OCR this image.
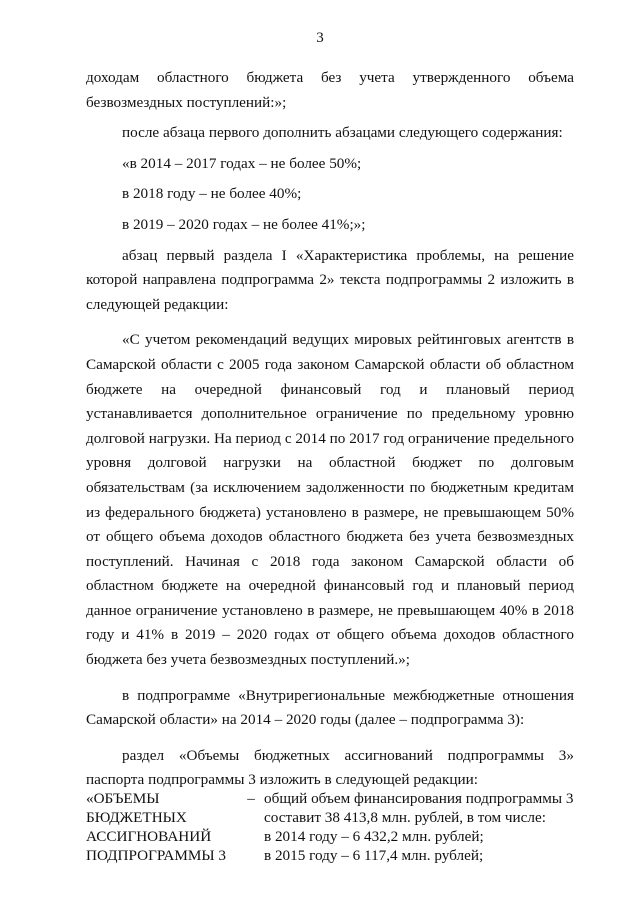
3

доходам областного бюджета без учета утвержденного объема безвозмездных поступлений:»;

после абзаца первого дополнить абзацами следующего содержания:

«в 2014 – 2017 годах – не более 50%;

в 2018 году – не более 40%;

в 2019 – 2020 годах – не более 41%;»;

абзац первый раздела I «Характеристика проблемы, на решение которой направлена подпрограмма 2» текста подпрограммы 2 изложить в следующей редакции:

«С учетом рекомендаций ведущих мировых рейтинговых агентств в Самарской области с 2005 года законом Самарской области об областном бюджете на очередной финансовый год и плановый период устанавливается дополнительное ограничение по предельному уровню долговой нагрузки. На период с 2014 по 2017 год ограничение предельного уровня долговой нагрузки на областной бюджет по долговым обязательствам (за исключением задолженности по бюджетным кредитам из федерального бюджета) установлено в размере, не превышающем 50% от общего объема доходов областного бюджета без учета безвозмездных поступлений. Начиная с 2018 года законом Самарской области об областном бюджете на очередной финансовый год и плановый период данное ограничение установлено в размере, не превышающем 40% в 2018 году и 41% в 2019 – 2020 годах от общего объема доходов областного бюджета без учета безвозмездных поступлений.»;

в подпрограмме «Внутрирегиональные межбюджетные отношения Самарской области» на 2014 – 2020 годы (далее – подпрограмма 3):

раздел «Объемы бюджетных ассигнований подпрограммы 3» паспорта подпрограммы 3 изложить в следующей редакции:

«ОБЪЕМЫ	– общий объем финансирования подпрограммы 3
БЮДЖЕТНЫХ	составит 38 413,8 млн. рублей, в том числе:
АССИГНОВАНИЙ	в 2014 году – 6 432,2 млн. рублей;
ПОДПРОГРАММЫ 3	в 2015 году – 6 117,4 млн. рублей;
